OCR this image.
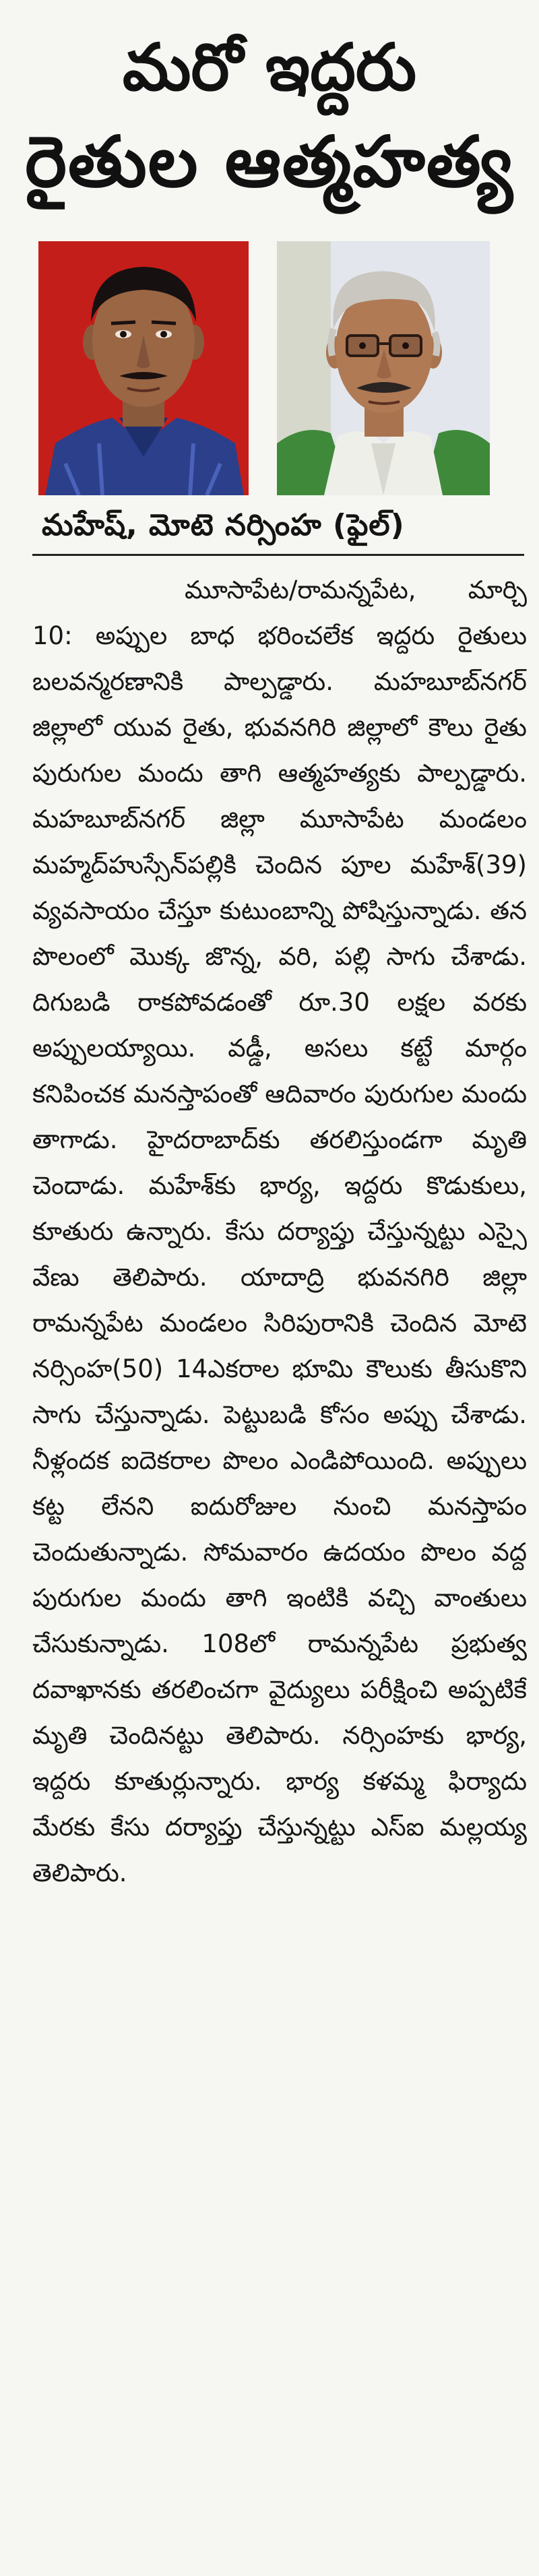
మరో ఇద్దరు
రైతుల ఆత్మహత్య
మహేష్, మోటె నర్సింహ (ఫైల్)
మూసాపేట/రామన్నపేట, మార్చి 10: అప్పుల బాధ భరించలేక ఇద్దరు రైతులు బలవన్మరణానికి పాల్పడ్డారు. మహబూబ్‌నగర్ జిల్లాలో యువ రైతు, భువనగిరి జిల్లాలో కౌలు రైతు పురుగుల మందు తాగి ఆత్మహత్యకు పాల్పడ్డారు. మహబూబ్‌నగర్ జిల్లా మూసాపేట మండలం మహ్మద్‌హుస్సేన్‌పల్లికి చెందిన పూల మహేశ్(39) వ్యవసాయం చేస్తూ కుటుంబాన్ని పోషిస్తున్నాడు. తన పొలంలో మొక్క జొన్న, వరి, పల్లి సాగు చేశాడు. దిగుబడి రాకపోవడంతో రూ.30 లక్షల వరకు అప్పులయ్యాయి. వడ్డీ, అసలు కట్టే మార్గం కనిపించక మనస్తాపంతో ఆదివారం పురుగుల మందు తాగాడు. హైదరాబాద్‌కు తరలిస్తుండగా మృతి చెందాడు. మహేశ్‌కు భార్య, ఇద్దరు కొడుకులు, కూతురు ఉన్నారు. కేసు దర్యాప్తు చేస్తున్నట్టు ఎస్సై వేణు తెలిపారు. యాదాద్రి భువనగిరి జిల్లా రామన్నపేట మండలం సిరిపురానికి చెందిన మోటె నర్సింహ(50) 14ఎకరాల భూమి కౌలుకు తీసుకొని సాగు చేస్తున్నాడు. పెట్టుబడి కోసం అప్పు చేశాడు. నీళ్లందక ఐదెకరాల పొలం ఎండిపోయింది. అప్పులు కట్ట లేనని ఐదురోజుల నుంచి మనస్తాపం చెందుతున్నాడు. సోమవారం ఉదయం పొలం వద్ద పురుగుల మందు తాగి ఇంటికి వచ్చి వాంతులు చేసుకున్నాడు. 108లో రామన్నపేట ప్రభుత్వ దవాఖానకు తరలించగా వైద్యులు పరీక్షించి అప్పటికే మృతి చెందినట్టు తెలిపారు. నర్సింహకు భార్య, ఇద్దరు కూతుర్లున్నారు. భార్య కళమ్మ ఫిర్యాదు మేరకు కేసు దర్యాప్తు చేస్తున్నట్టు ఎస్‌ఐ మల్లయ్య తెలిపారు.
